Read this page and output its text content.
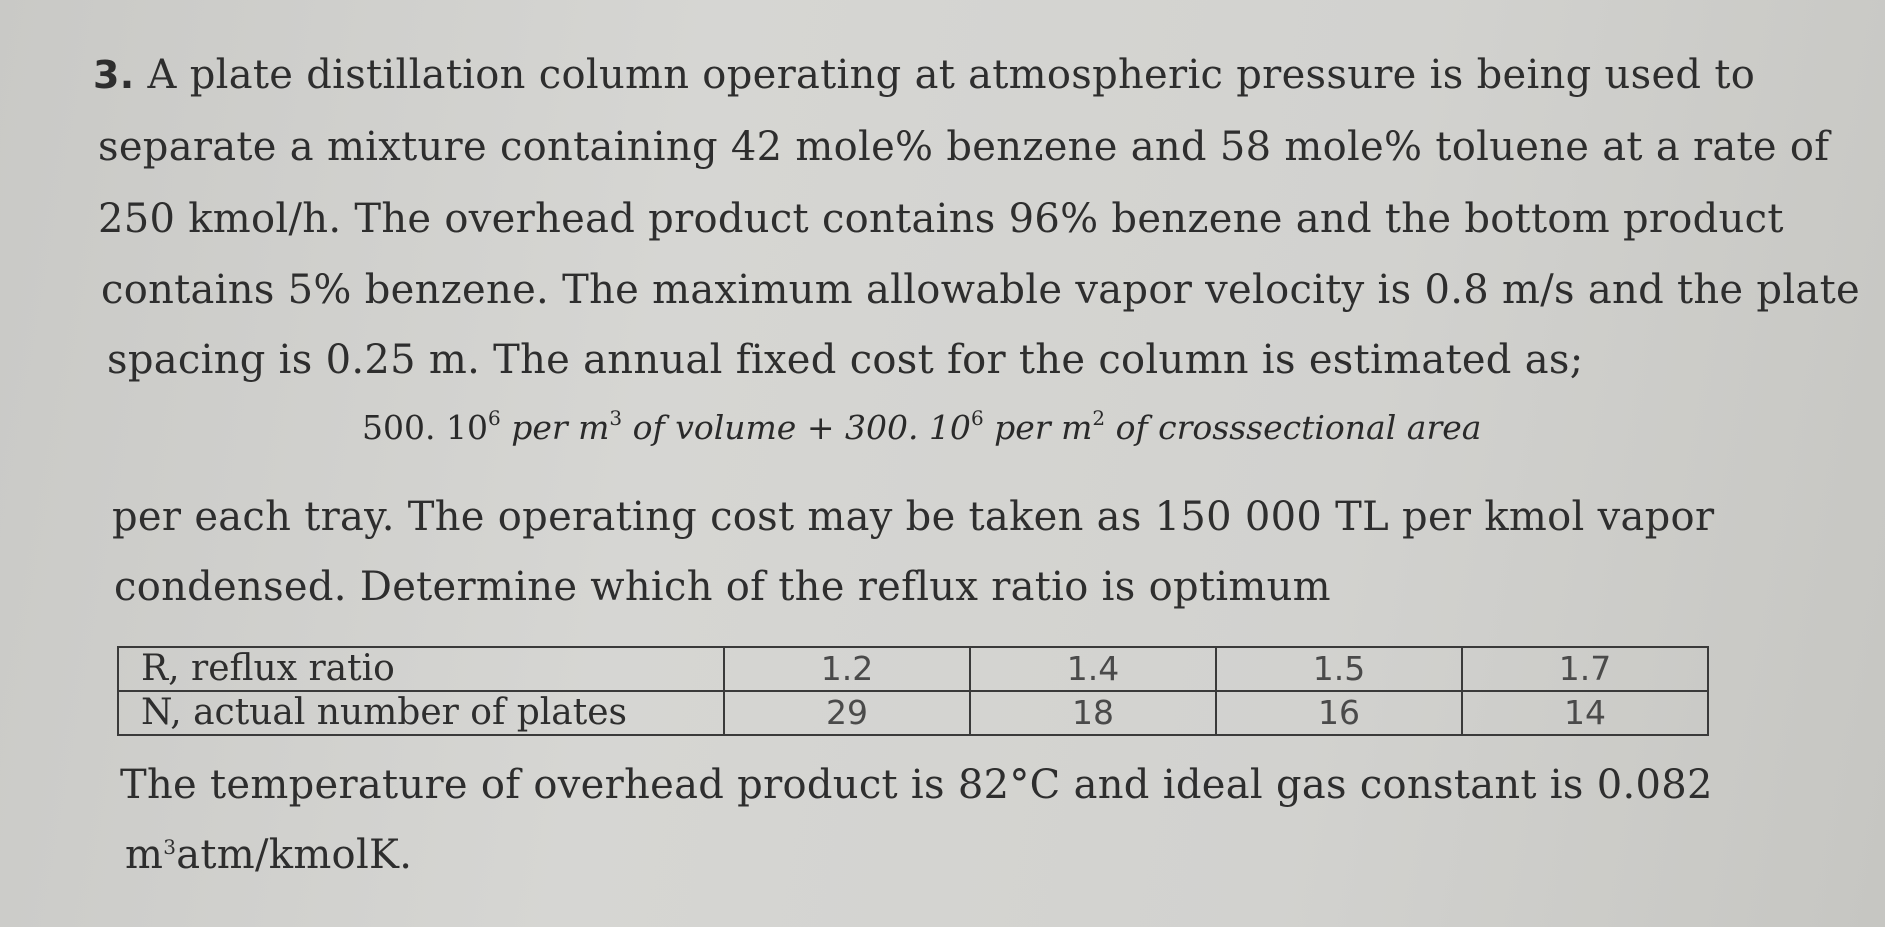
3. A plate distillation column operating at atmospheric pressure is being used to
separate a mixture containing 42 mole% benzene and 58 mole% toluene at a rate of
250 kmol/h. The overhead product contains 96% benzene and the bottom product
contains 5% benzene. The maximum allowable vapor velocity is 0.8 m/s and the plate
spacing is 0.25 m. The annual fixed cost for the column is estimated as;
500. $10^6$ per $m^3$ of volume + 300. $10^6$ per $m^2$ of crosssectional area
per each tray. The operating cost may be taken as 150 000 TL per kmol vapor
condensed. Determine which of the reflux ratio is optimum
R, reflux ratio	1.2	1.4	1.5	1.7
N, actual number of plates	29	18	16	14
The temperature of overhead product is 82°C and ideal gas constant is 0.082
$m^3atm$/kmolK.
